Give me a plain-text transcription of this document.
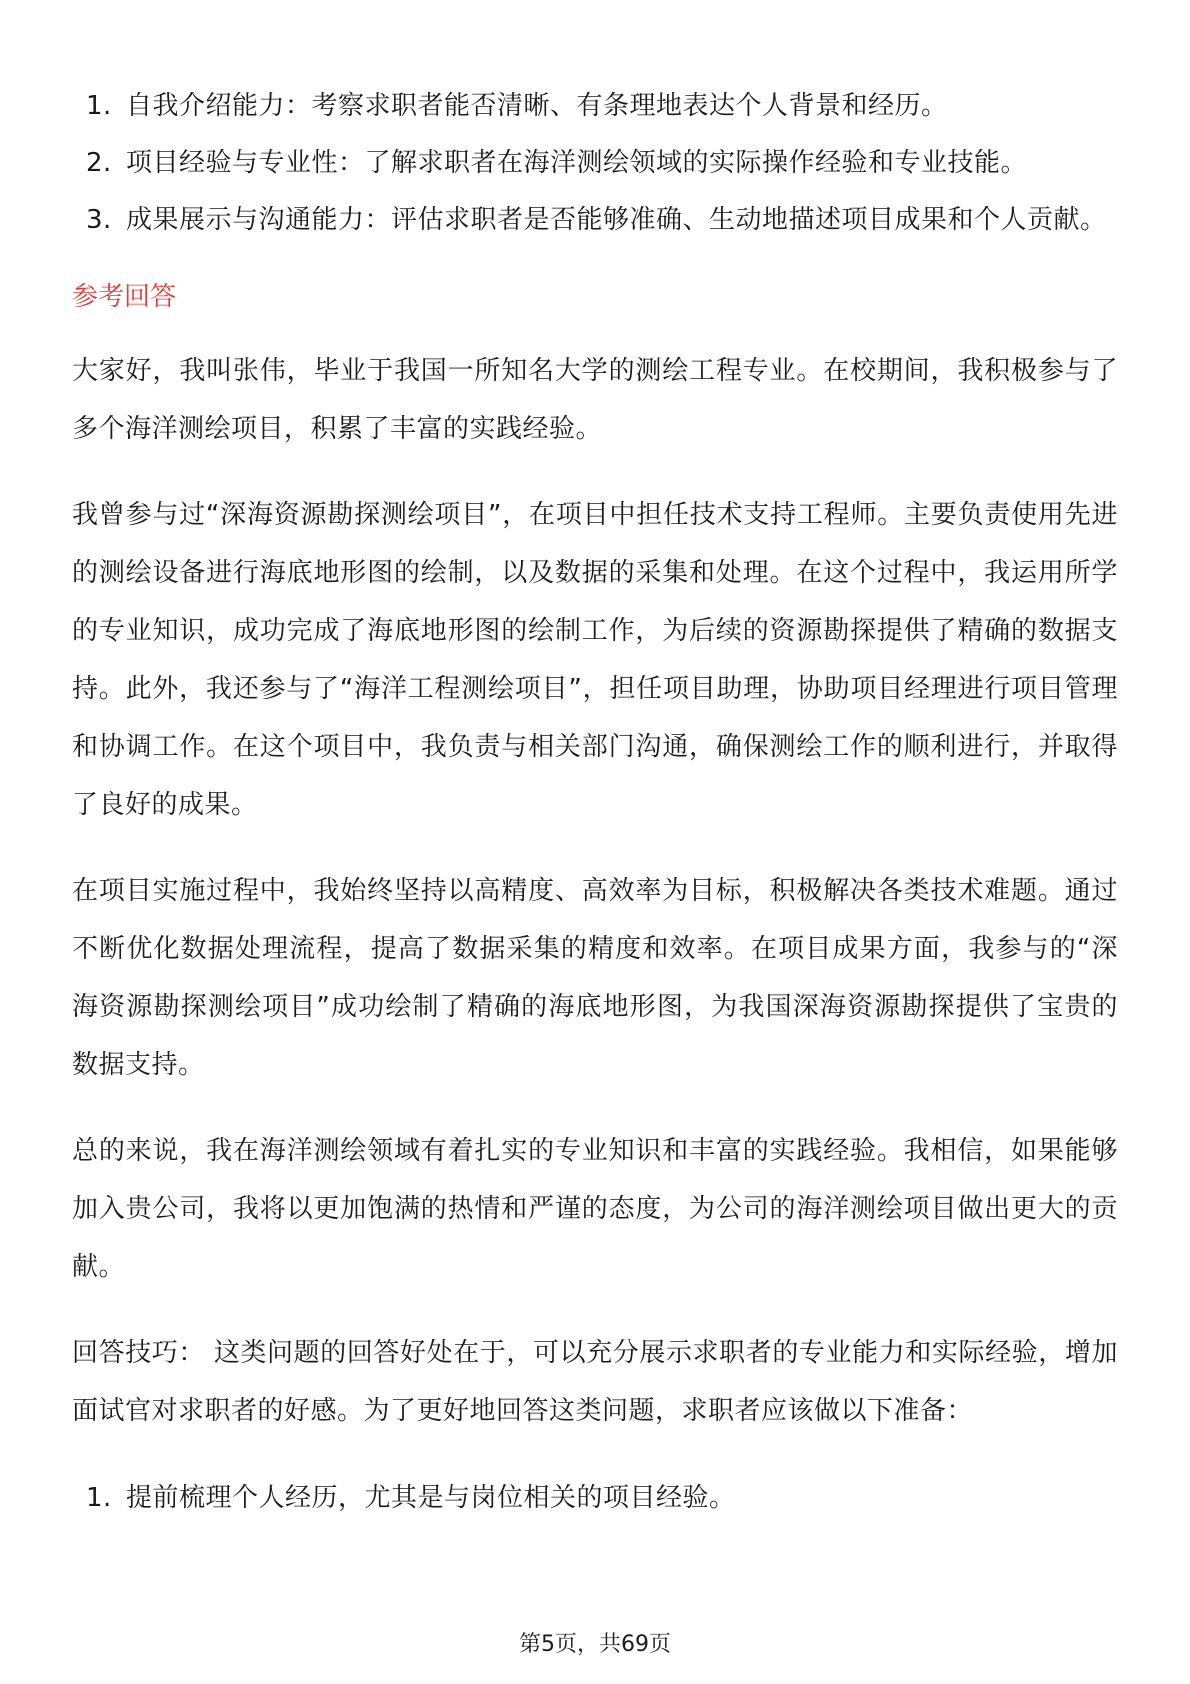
1. 自我介绍能力：考察求职者能否清晰、有条理地表达个人背景和经历。
2. 项目经验与专业性：了解求职者在海洋测绘领域的实际操作经验和专业技能。
3. 成果展示与沟通能力：评估求职者是否能够准确、生动地描述项目成果和个人贡献。
参考回答

大家好，我叫张伟，毕业于我国一所知名大学的测绘工程专业。在校期间，我积极参与了多个海洋测绘项目，积累了丰富的实践经验。

我曾参与过“深海资源勘探测绘项目”，在项目中担任技术支持工程师。主要负责使用先进的测绘设备进行海底地形图的绘制，以及数据的采集和处理。在这个过程中，我运用所学的专业知识，成功完成了海底地形图的绘制工作，为后续的资源勘探提供了精确的数据支持。此外，我还参与了“海洋工程测绘项目”，担任项目助理，协助项目经理进行项目管理和协调工作。在这个项目中，我负责与相关部门沟通，确保测绘工作的顺利进行，并取得了良好的成果。

在项目实施过程中，我始终坚持以高精度、高效率为目标，积极解决各类技术难题。通过不断优化数据处理流程，提高了数据采集的精度和效率。在项目成果方面，我参与的“深海资源勘探测绘项目”成功绘制了精确的海底地形图，为我国深海资源勘探提供了宝贵的数据支持。

总的来说，我在海洋测绘领域有着扎实的专业知识和丰富的实践经验。我相信，如果能够加入贵公司，我将以更加饱满的热情和严谨的态度，为公司的海洋测绘项目做出更大的贡献。

回答技巧： 这类问题的回答好处在于，可以充分展示求职者的专业能力和实际经验，增加面试官对求职者的好感。为了更好地回答这类问题，求职者应该做以下准备：

1. 提前梳理个人经历，尤其是与岗位相关的项目经验。
第5页，共69页
